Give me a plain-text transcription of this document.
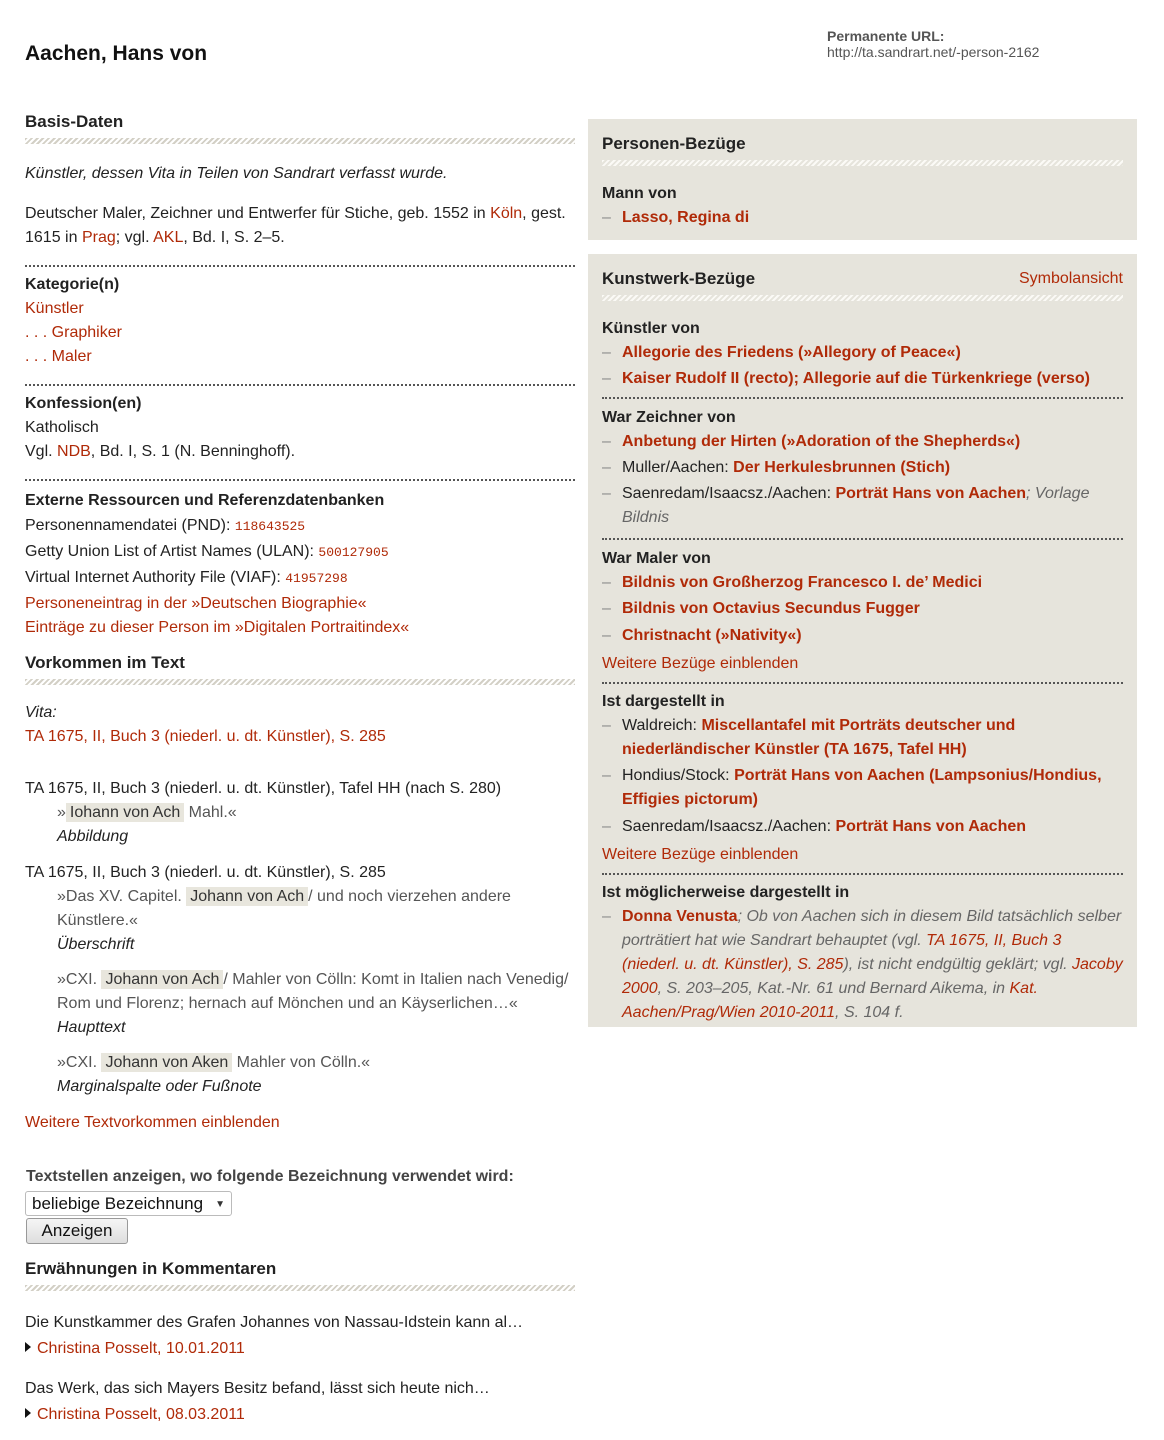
Aachen, Hans von
Permanente URL:
http://ta.sandrart.net/-person-2162
Basis-Daten

Künstler, dessen Vita in Teilen von Sandrart verfasst wurde.

Deutscher Maler, Zeichner und Entwerfer für Stiche, geb. 1552 in Köln, gest. 1615 in Prag; vgl. AKL, Bd. I, S. 2–5.

Kategorie(n)
Künstler
. . . Graphiker
. . . Maler
Konfession(en)
Katholisch
Vgl. NDB, Bd. I, S. 1 (N. Benninghoff).
Externe Ressourcen und Referenzdatenbanken
Personennamendatei (PND): 118643525
Getty Union List of Artist Names (ULAN): 500127905
Virtual Internet Authority File (VIAF): 41957298
Personeneintrag in der »Deutschen Biographie«
Einträge zu dieser Person im »Digitalen Portraitindex«
Vorkommen im Text
Vita:
TA 1675, II, Buch 3 (niederl. u. dt. Künstler), S. 285
TA 1675, II, Buch 3 (niederl. u. dt. Künstler), Tafel HH (nach S. 280)
» Iohann von Ach Mahl.«
Abbildung
TA 1675, II, Buch 3 (niederl. u. dt. Künstler), S. 285
»Das XV. Capitel. Johann von Ach / und noch vierzehen andere Künstlere.«
Überschrift
»CXI. Johann von Ach / Mahler von Cölln: Komt in Italien nach Venedig/ Rom und Florenz; hernach auf Mönchen und an Käyserlichen…«
Haupttext
»CXI. Johann von Aken Mahler von Cölln.«
Marginalspalte oder Fußnote
Weitere Textvorkommen einblenden
Textstellen anzeigen, wo folgende Bezeichnung verwendet wird:
beliebige Bezeichnung ▼
Anzeigen
Erwähnungen in Kommentaren
Die Kunstkammer des Grafen Johannes von Nassau-Idstein kann al…
Christina Posselt, 10.01.2011
Das Werk, das sich Mayers Besitz befand, lässt sich heute nich…
Christina Posselt, 08.03.2011
Personen-Bezüge
Mann von
– Lasso, Regina di
Kunstwerk-Bezüge	Symbolansicht
Künstler von
– Allegorie des Friedens (»Allegory of Peace«)
– Kaiser Rudolf II (recto); Allegorie auf die Türkenkriege (verso)
War Zeichner von
– Anbetung der Hirten (»Adoration of the Shepherds«)
– Muller/Aachen: Der Herkulesbrunnen (Stich)
– Saenredam/Isaacsz./Aachen: Porträt Hans von Aachen; Vorlage Bildnis
War Maler von
– Bildnis von Großherzog Francesco I. de’ Medici
– Bildnis von Octavius Secundus Fugger
– Christnacht (»Nativity«)
Weitere Bezüge einblenden
Ist dargestellt in
– Waldreich: Miscellantafel mit Porträts deutscher und niederländischer Künstler (TA 1675, Tafel HH)
– Hondius/Stock: Porträt Hans von Aachen (Lampsonius/Hondius, Effigies pictorum)
– Saenredam/Isaacsz./Aachen: Porträt Hans von Aachen
Weitere Bezüge einblenden
Ist möglicherweise dargestellt in
– Donna Venusta; Ob von Aachen sich in diesem Bild tatsächlich selber porträtiert hat wie Sandrart behauptet (vgl. TA 1675, II, Buch 3 (niederl. u. dt. Künstler), S. 285), ist nicht endgültig geklärt; vgl. Jacoby 2000, S. 203–205, Kat.-Nr. 61 und Bernard Aikema, in Kat. Aachen/Prag/Wien 2010-2011, S. 104 f.
